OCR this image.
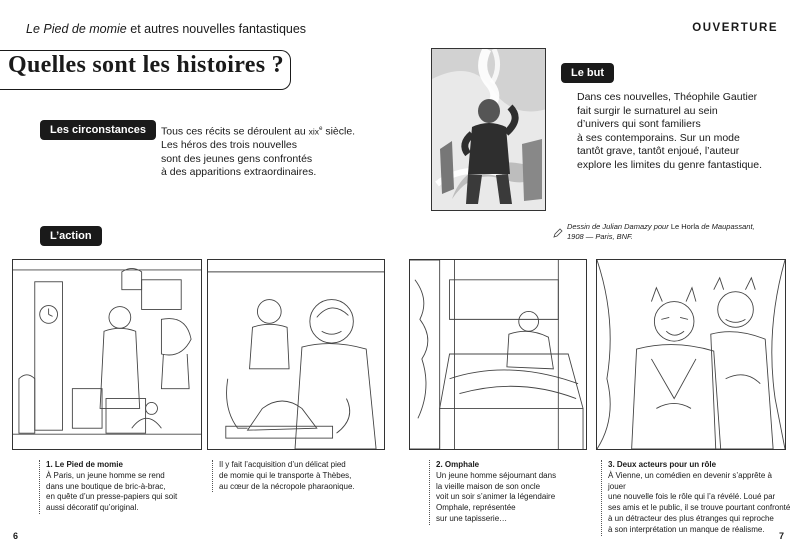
Le Pied de momie et autres nouvelles fantastiques	OUVERTURE
Quelles sont les histoires ?
Les circonstances	Tous ces récits se déroulent au xix$^e$ siècle.
Les héros des trois nouvelles
sont des jeunes gens confrontés
à des apparitions extraordinaires.
Le but
Dans ces nouvelles, Théophile Gautier
fait surgir le surnaturel au sein
d’univers qui sont familiers
à ses contemporains. Sur un mode
tantôt grave, tantôt enjoué, l’auteur
explore les limites du genre fantastique.
Dessin de Julian Damazy pour Le Horla de Maupassant,
1908 — Paris, BNF.
L’action
1. Le Pied de momie
À Paris, un jeune homme se rend
dans une boutique de bric-à-brac,
en quête d’un presse-papiers qui soit
aussi décoratif qu’original.
Il y fait l’acquisition d’un délicat pied
de momie qui le transporte à Thèbes,
au cœur de la nécropole pharaonique.
2. Omphale
Un jeune homme séjournant dans
la vieille maison de son oncle
voit un soir s’animer la légendaire
Omphale, représentée
sur une tapisserie…
3. Deux acteurs pour un rôle
À Vienne, un comédien en devenir s’apprête à jouer
une nouvelle fois le rôle qui l’a révélé. Loué par
ses amis et le public, il se trouve pourtant confronté
à un détracteur des plus étranges qui reproche
à son interprétation un manque de réalisme.
6	7
